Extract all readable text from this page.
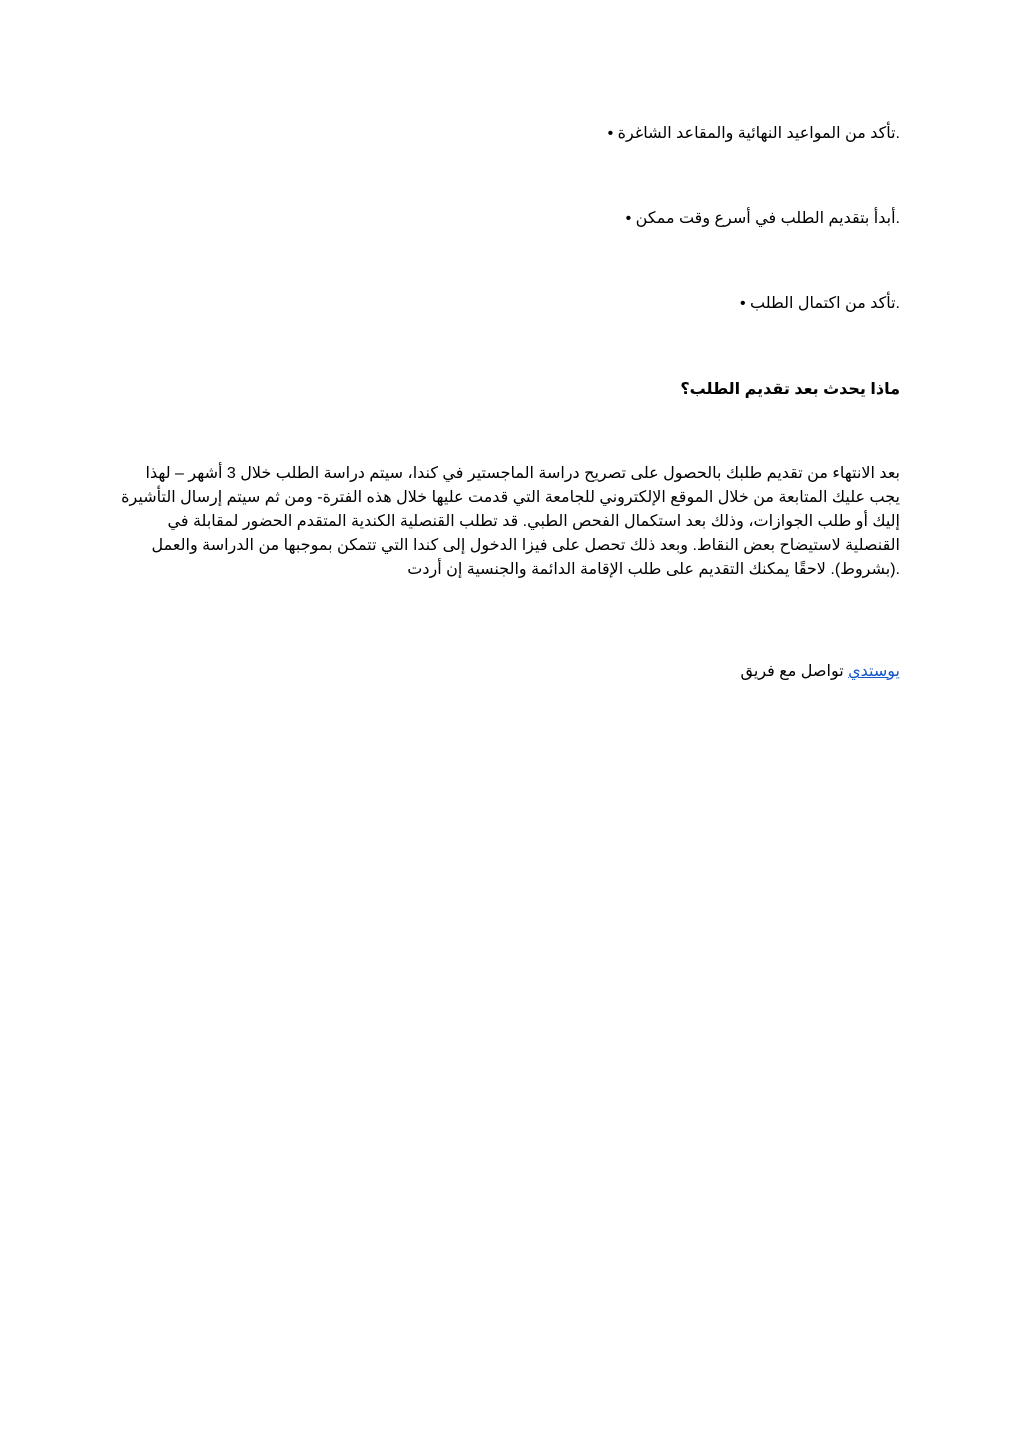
• .تأكد من المواعيد النهائية والمقاعد الشاغرة
• .أبدأ بتقديم الطلب في أسرع وقت ممكن
• .تأكد من اكتمال الطلب
ماذا يحدث بعد تقديم الطلب؟
بعد الانتهاء من تقديم طلبك بالحصول على تصريح دراسة الماجستير في كندا، سيتم دراسة الطلب خلال 3 أشهر – لهذا
يجب عليك المتابعة من خلال الموقع الإلكتروني للجامعة التي قدمت عليها خلال هذه الفترة- ومن ثم سيتم إرسال التأشيرة
إليك أو طلب الجوازات، وذلك بعد استكمال الفحص الطبي. قد تطلب القنصلية الكندية المتقدم الحضور لمقابلة في
القنصلية لاستيضاح بعض النقاط. وبعد ذلك تحصل على فيزا الدخول إلى كندا التي تتمكن بموجبها من الدراسة والعمل
.(بشروط). لاحقًا يمكنك التقديم على طلب الإقامة الدائمة والجنسية إن أردت
يوستدي تواصل مع فريق
